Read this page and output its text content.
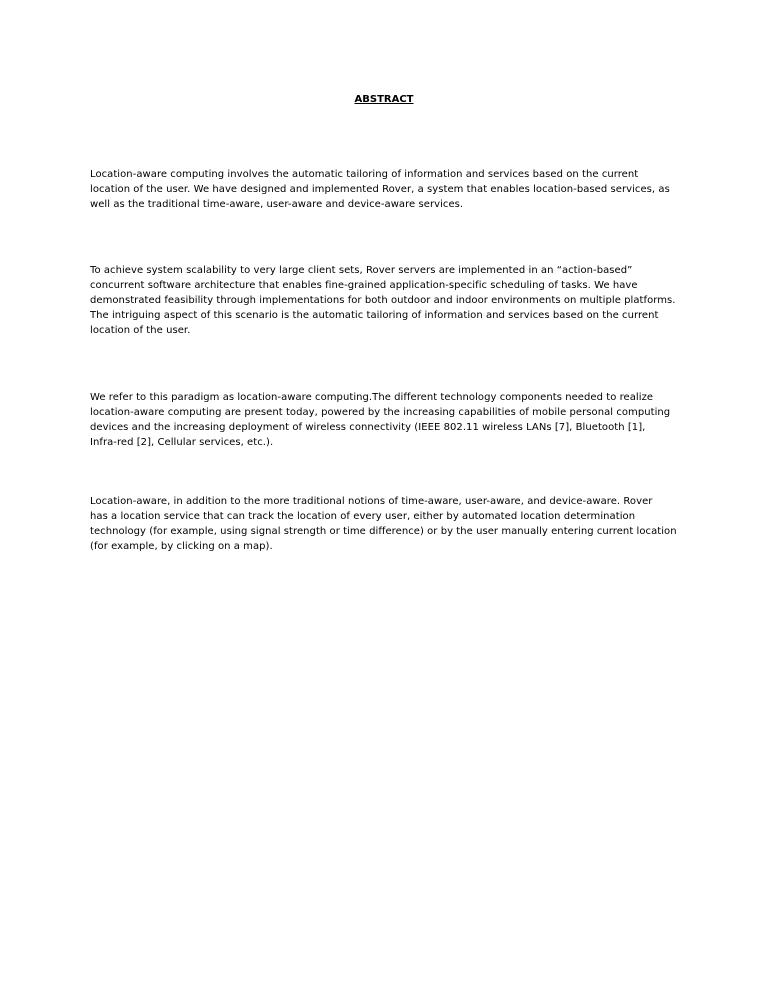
ABSTRACT

Location-aware computing involves the automatic tailoring of information and services based on the current
location of the user. We have designed and implemented Rover, a system that enables location-based services, as
well as the traditional time-aware, user-aware and device-aware services.

To achieve system scalability to very large client sets, Rover servers are implemented in an “action-based”
concurrent software architecture that enables fine-grained application-specific scheduling of tasks. We have
demonstrated feasibility through implementations for both outdoor and indoor environments on multiple platforms.
The intriguing aspect of this scenario is the automatic tailoring of information and services based on the current
location of the user.

We refer to this paradigm as location-aware computing.The different technology components needed to realize
location-aware computing are present today, powered by the increasing capabilities of mobile personal computing
devices and the increasing deployment of wireless connectivity (IEEE 802.11 wireless LANs [7], Bluetooth [1],
Infra-red [2], Cellular services, etc.).

Location-aware, in addition to the more traditional notions of time-aware, user-aware, and device-aware. Rover
has a location service that can track the location of every user, either by automated location determination
technology (for example, using signal strength or time difference) or by the user manually entering current location
(for example, by clicking on a map).
